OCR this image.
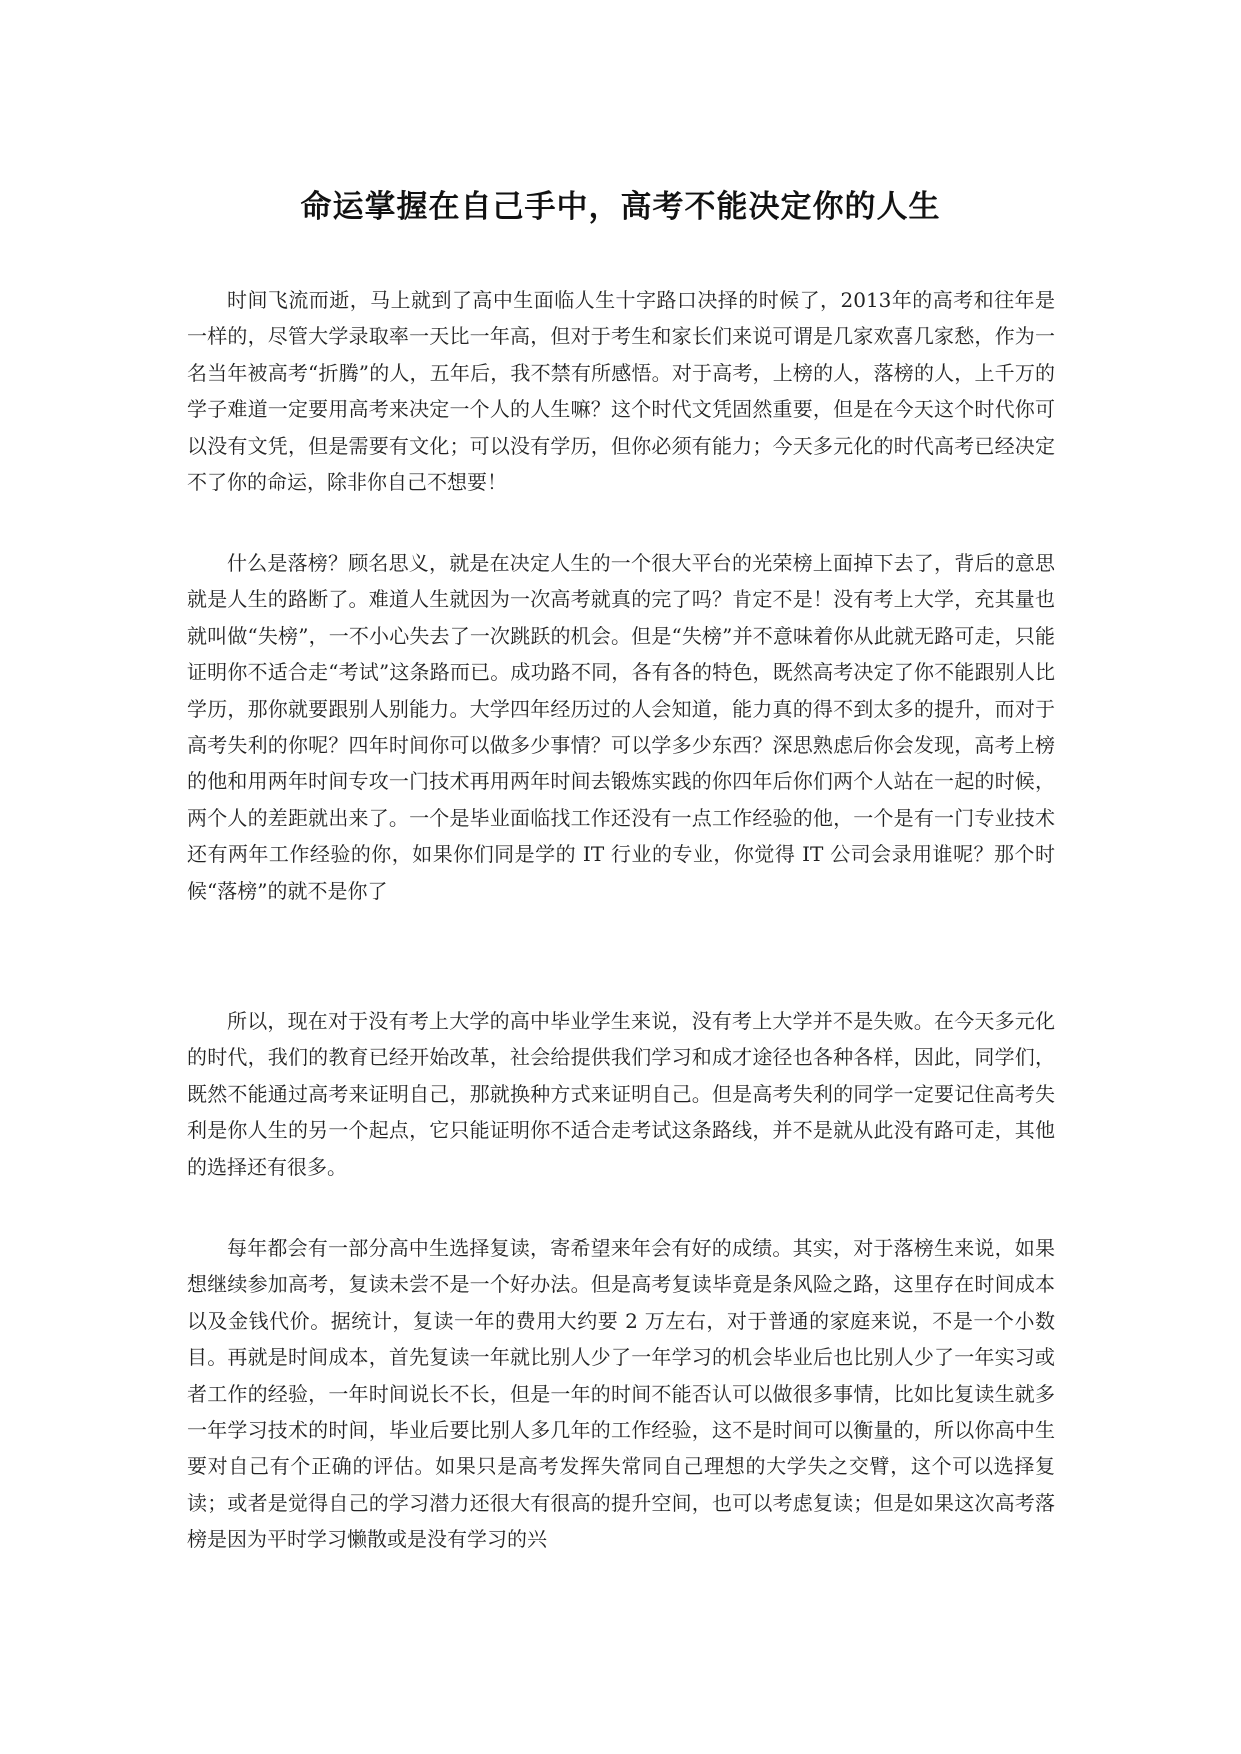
命运掌握在自己手中，高考不能决定你的人生

时间飞流而逝，马上就到了高中生面临人生十字路口决择的时候了，2013年的高考和往年是一样的，尽管大学录取率一天比一年高，但对于考生和家长们来说可谓是几家欢喜几家愁，作为一名当年被高考“折腾”的人，五年后，我不禁有所感悟。对于高考，上榜的人，落榜的人，上千万的学子难道一定要用高考来决定一个人的人生嘛？这个时代文凭固然重要，但是在今天这个时代你可以没有文凭，但是需要有文化；可以没有学历，但你必须有能力；今天多元化的时代高考已经决定不了你的命运，除非你自己不想要！

什么是落榜？顾名思义，就是在决定人生的一个很大平台的光荣榜上面掉下去了，背后的意思就是人生的路断了。难道人生就因为一次高考就真的完了吗？肯定不是！没有考上大学，充其量也就叫做“失榜”，一不小心失去了一次跳跃的机会。但是“失榜”并不意味着你从此就无路可走，只能证明你不适合走“考试”这条路而已。成功路不同，各有各的特色，既然高考决定了你不能跟别人比学历，那你就要跟别人别能力。大学四年经历过的人会知道，能力真的得不到太多的提升，而对于高考失利的你呢？四年时间你可以做多少事情？可以学多少东西？深思熟虑后你会发现，高考上榜的他和用两年时间专攻一门技术再用两年时间去锻炼实践的你四年后你们两个人站在一起的时候，两个人的差距就出来了。一个是毕业面临找工作还没有一点工作经验的他，一个是有一门专业技术还有两年工作经验的你，如果你们同是学的 IT 行业的专业，你觉得 IT 公司会录用谁呢？那个时候“落榜”的就不是你了

所以，现在对于没有考上大学的高中毕业学生来说，没有考上大学并不是失败。在今天多元化的时代，我们的教育已经开始改革，社会给提供我们学习和成才途径也各种各样，因此，同学们，既然不能通过高考来证明自己，那就换种方式来证明自己。但是高考失利的同学一定要记住高考失利是你人生的另一个起点，它只能证明你不适合走考试这条路线，并不是就从此没有路可走，其他的选择还有很多。

每年都会有一部分高中生选择复读，寄希望来年会有好的成绩。其实，对于落榜生来说，如果想继续参加高考，复读未尝不是一个好办法。但是高考复读毕竟是条风险之路，这里存在时间成本以及金钱代价。据统计，复读一年的费用大约要 2 万左右，对于普通的家庭来说，不是一个小数目。再就是时间成本，首先复读一年就比别人少了一年学习的机会毕业后也比别人少了一年实习或者工作的经验，一年时间说长不长，但是一年的时间不能否认可以做很多事情，比如比复读生就多一年学习技术的时间，毕业后要比别人多几年的工作经验，这不是时间可以衡量的，所以你高中生要对自己有个正确的评估。如果只是高考发挥失常同自己理想的大学失之交臂，这个可以选择复读；或者是觉得自己的学习潜力还很大有很高的提升空间，也可以考虑复读；但是如果这次高考落榜是因为平时学习懒散或是没有学习的兴
